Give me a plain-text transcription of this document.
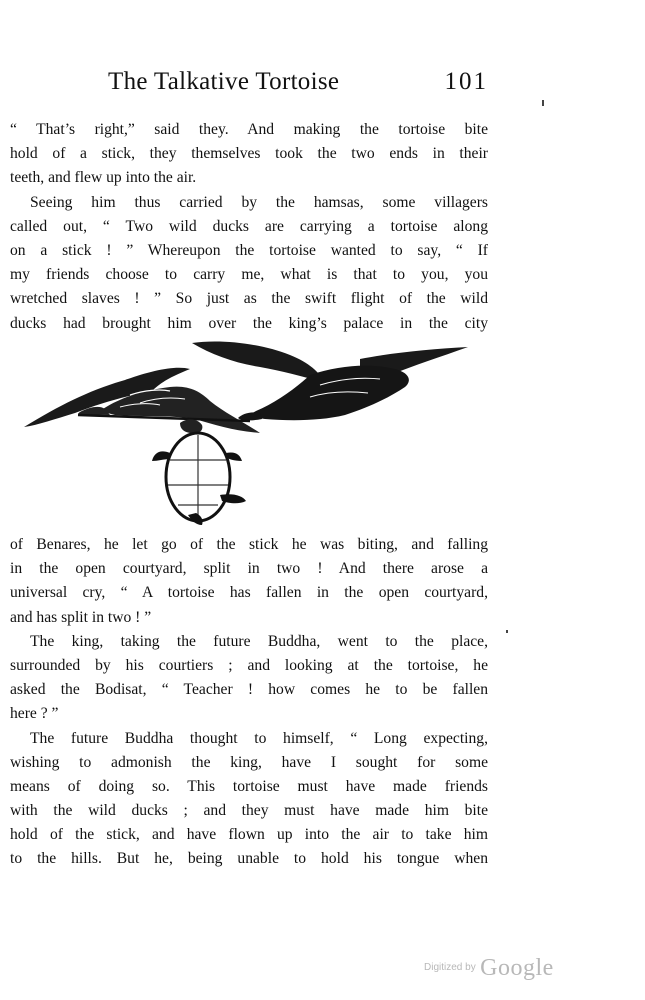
The Talkative Tortoise	101
“ That’s right,” said they. And making the tortoise bite
hold of a stick, they themselves took the two ends in their
teeth, and flew up into the air.
Seeing him thus carried by the hamsas, some villagers
called out, “ Two wild ducks are carrying a tortoise along
on a stick ! ” Whereupon the tortoise wanted to say, “ If
my friends choose to carry me, what is that to you, you
wretched slaves ! ” So just as the swift flight of the wild
ducks had brought him over the king’s palace in the city
of Benares, he let go of the stick he was biting, and falling
in the open courtyard, split in two ! And there arose a
universal cry, “ A tortoise has fallen in the open courtyard,
and has split in two ! ”
The king, taking the future Buddha, went to the place,
surrounded by his courtiers ; and looking at the tortoise, he
asked the Bodisat, “ Teacher ! how comes he to be fallen
here ? ”
The future Buddha thought to himself, “ Long expecting,
wishing to admonish the king, have I sought for some
means of doing so. This tortoise must have made friends
with the wild ducks ; and they must have made him bite
hold of the stick, and have flown up into the air to take him
to the hills. But he, being unable to hold his tongue when
$^{Digitized by}$ Google
